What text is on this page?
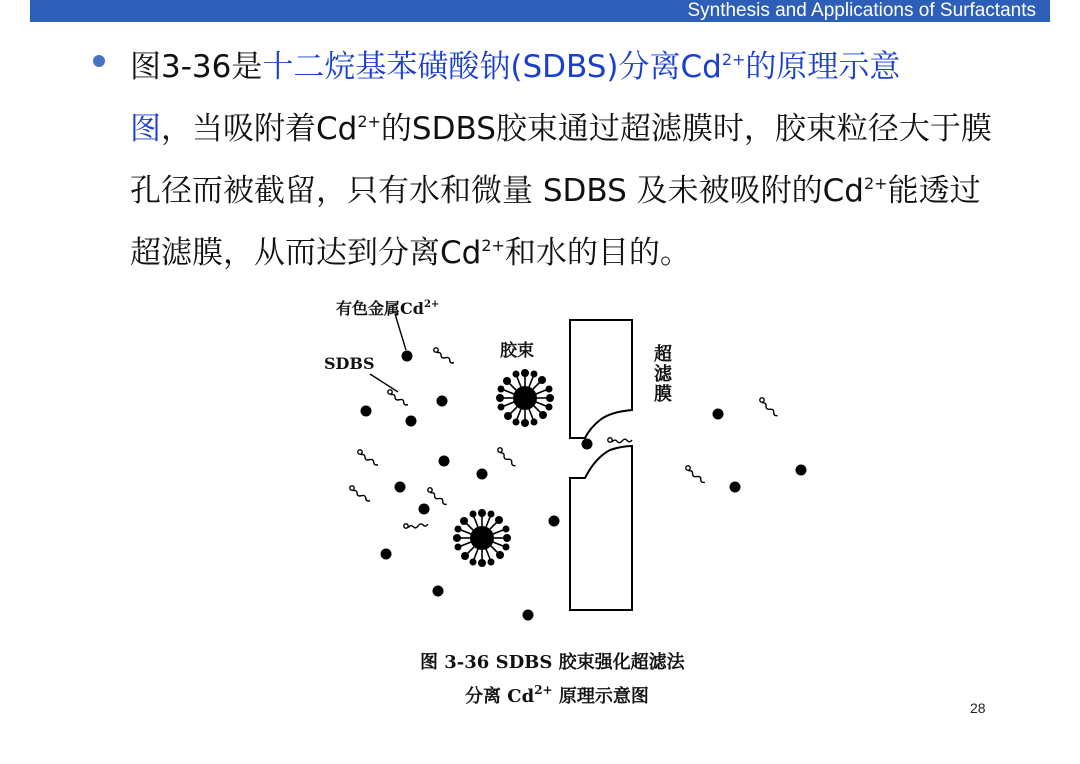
Synthesis and Applications of Surfactants
图3-36是十二烷基苯磺酸钠(SDBS)分离$Cd^{2+}$的原理示意
图，当吸附着$Cd^{2+}$的SDBS胶束通过超滤膜时，胶束粒径大于膜孔径而被截留，只有水和微量 SDBS 及未被吸附的$Cd^{2+}$能透过超滤膜，从而达到分离$Cd^{2+}$和水的目的。
有色金属$Cd^{2+}$
SDBS
胶束	超滤膜
图 3-36 SDBS 胶束强化超滤法
分离 $Cd^{2+}$ 原理示意图
28
